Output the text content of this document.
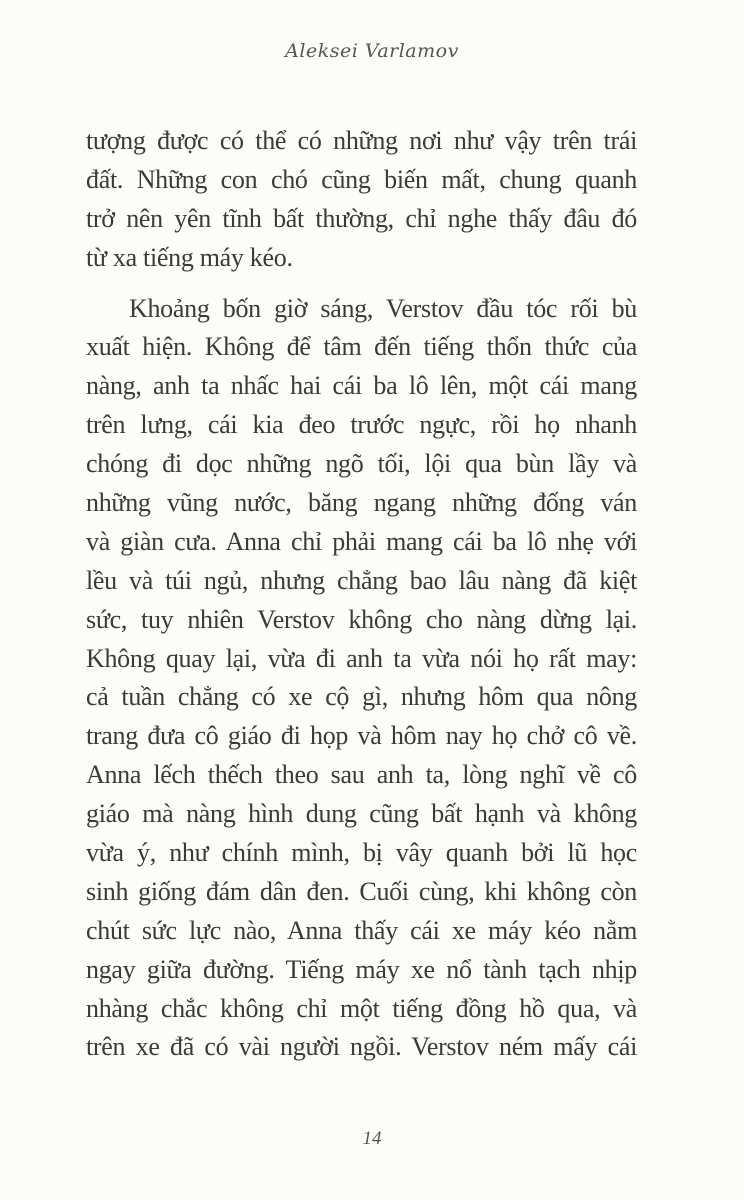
Aleksei Varlamov
tượng được có thể có những nơi như vậy trên trái
đất. Những con chó cũng biến mất, chung quanh
trở nên yên tĩnh bất thường, chỉ nghe thấy đâu đó
từ xa tiếng máy kéo.
Khoảng bốn giờ sáng, Verstov đầu tóc rối bù
xuất hiện. Không để tâm đến tiếng thổn thức của
nàng, anh ta nhấc hai cái ba lô lên, một cái mang
trên lưng, cái kia đeo trước ngực, rồi họ nhanh
chóng đi dọc những ngõ tối, lội qua bùn lầy và
những vũng nước, băng ngang những đống ván
và giàn cưa. Anna chỉ phải mang cái ba lô nhẹ với
lều và túi ngủ, nhưng chẳng bao lâu nàng đã kiệt
sức, tuy nhiên Verstov không cho nàng dừng lại.
Không quay lại, vừa đi anh ta vừa nói họ rất may:
cả tuần chẳng có xe cộ gì, nhưng hôm qua nông
trang đưa cô giáo đi họp và hôm nay họ chở cô về.
Anna lếch thếch theo sau anh ta, lòng nghĩ về cô
giáo mà nàng hình dung cũng bất hạnh và không
vừa ý, như chính mình, bị vây quanh bởi lũ học
sinh giống đám dân đen. Cuối cùng, khi không còn
chút sức lực nào, Anna thấy cái xe máy kéo nằm
ngay giữa đường. Tiếng máy xe nổ tành tạch nhịp
nhàng chắc không chỉ một tiếng đồng hồ qua, và
trên xe đã có vài người ngồi. Verstov ném mấy cái
14
